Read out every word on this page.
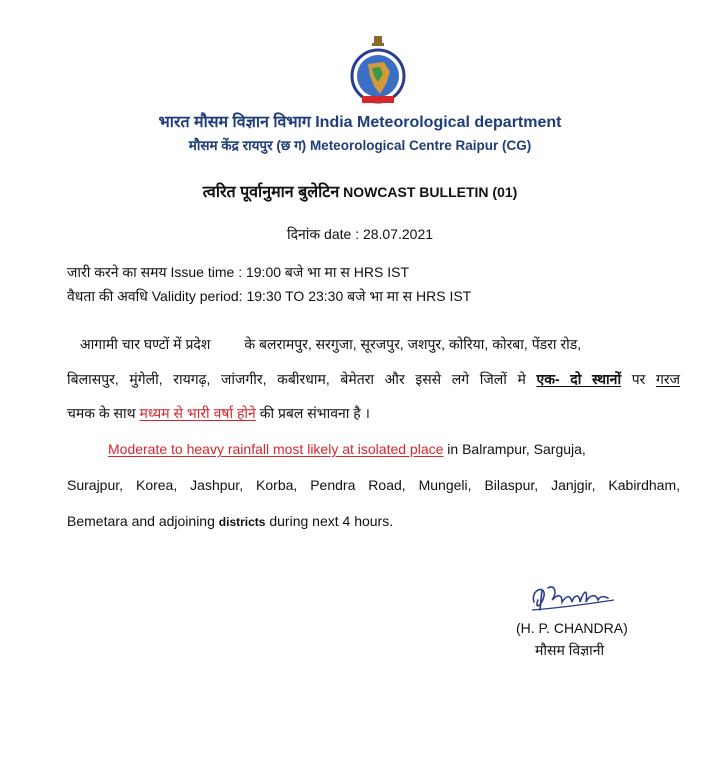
भारत मौसम विज्ञान विभाग India Meteorological department
मौसम केंद्र रायपुर (छ ग) Meteorological Centre Raipur (CG)
त्वरित पूर्वानुमान बुलेटिन NOWCAST BULLETIN (01)
दिनांक date : 28.07.2021
जारी करने का समय Issue time : 19:00 बजे भा मा स HRS IST
वैधता की अवधि Validity period: 19:30 TO 23:30 बजे भा मा स HRS IST
आगामी चार घण्टों में प्रदेश के बलरामपुर, सरगुजा, सूरजपुर, जशपुर, कोरिया, कोरबा, पेंडरा रोड,
बिलासपुर, मुंगेली, रायगढ़, जांजगीर, कबीरधाम, बेमेतरा और इससे लगे जिलों मे एक- दो स्थानों पर गरज
चमक के साथ मध्यम से भारी वर्षा होने की प्रबल संभावना है ।
Moderate to heavy rainfall most likely at isolated place in Balrampur, Sarguja,
Surajpur, Korea, Jashpur, Korba, Pendra Road, Mungeli, Bilaspur, Janjgir, Kabirdham,
Bemetara and adjoining districts during next 4 hours.
(H. P. CHANDRA)
मौसम विज्ञानी
